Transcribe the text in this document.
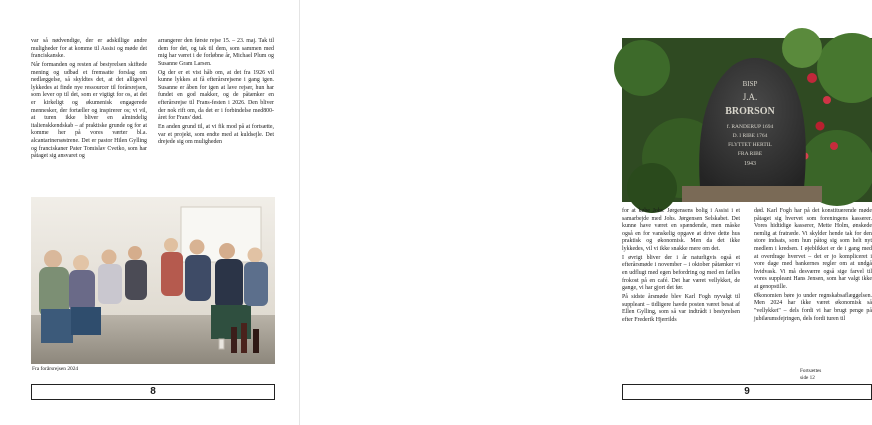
var så nødvendige, der er adskillige andre muligheder for at komme til Assisi og møde det franciskanske.

Når formanden og resten af bestyrelsen skiftede mening og udbad et fremsatte forslag om nedlæggelse, så skyldtes det, at det alligevel lykkedes at finde nye ressourcer til forårsrejsen, som lever op til det, som er vigtigt for os, at det er kirkeligt og økumenisk engagerede mennesker, der fortæller og inspirerer os; vi vil, at turen ikke bliver en almindelig italienskkendskab – af praktiske grunde og for at komme her på vores værter bl.a. alcantarinersøstrene. Det er pastor Hilen Gylling og franciskaner Pater Tomislav Cvetko, som har påtaget sig ansvaret og

arrangerer den første rejse 15. – 23. maj. Tak til dem for det, og tak til dem, som sammen med mig har været i de forløbne år, Michael Plum og Susanne Gram Larsen.

Og der er et vist håb om, at det fra 1926 vil kunne lykkes at få efterårsrejsene i gang igen. Susanne er åben for igen at lave rejser, hun har fundet en god makker, og de påtænker en efterårsrejse til Frans-festen i 2026. Den bliver der nok rift om, da det er i forbindelse med800-året for Frans' død.

En anden grund til, at vi fik mod på at fortsætte, var et projekt, som endte med at kuldsejle. Det drejede sig om muligheden

Fra forårsrejsen 2024
8
BISP
J.A.
BRORSON
f. RANDERUP 1694
D. I RIBE 1764
FLYTTET HERTIL
FRA RIBE
1943

for at købe Johs. Jørgensens bolig i Assisi i et samarbejde med Johs. Jørgensen Selskabet. Det kunne have været en spændende, men måske også en for vanskelig opgave at drive dette hus praktisk og økonomisk. Men da det ikke lykkedes, vil vi ikke snakke mere om det.

I øvrigt bliver der i år naturligvis også et efterårsmøde i november – i oktober påtænker vi en udflugt med egen befordring og med en fælles frokost på en café. Det har været vellykket, de gange, vi har gjort det før.

På sidste årsmøde blev Karl Fogh nyvalgt til suppleant – tidligere havde posten været besat af Ellen Gylling, som så var indtrådt i bestyrelsen efter Frederik Hjerrilds

død. Karl Fogh har på det konstituerende møde påtaget sig hvervet som foreningens kasserer. Vores hidtidige kasserer, Mette Holm, ønskede nemlig at fratræde. Vi skylder hende tak for den store indsats, som hun påtog sig som helt nyt medlem i kredsen. I øjeblikket er de i gang med at overdrage hvervet – det er jo kompliceret i vore dage med bankernes regler om at undgå hvidvask. Vi må desværre også sige farvel til vores suppleant Hans Jensen, som har valgt ikke at genopstille.

Økonomien børe jo under regnskabsaflæggelsen. Men 2024 har ikke været økonomisk så "vellykket" – dels fordi vi har brugt penge på jubilæumsfejringen, dels fordi turen til

Fortsættes side 12
9
